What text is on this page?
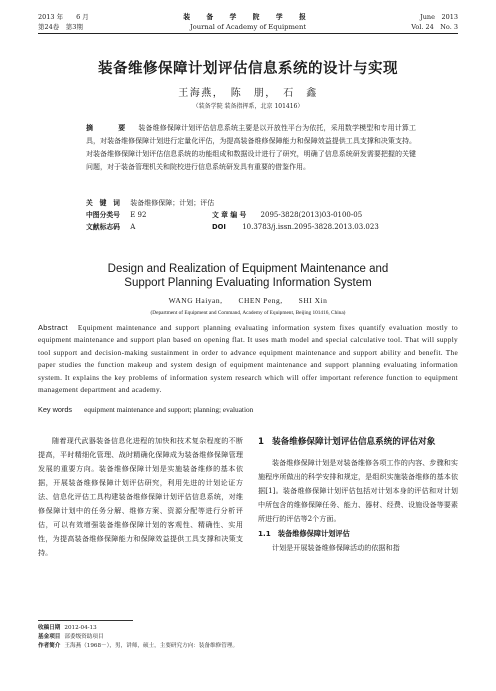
2013 年　　6 月
第24卷　第3期
装 备 学 院 学 报
Journal of Academy of Equipment
June　2013
Vol. 24　No. 3
装备维修保障计划评估信息系统的设计与实现
王海燕，　陈　朋，　石　鑫
（装备学院 装备指挥系，北京 101416）
摘　要 装备维修保障计划评估信息系统主要是以开放性平台为依托，采用数学模型和专用计算工具，对装备维修保障计划进行定量化评估，为提高装备维修保障能力和保障效益提供工具支撑和决策支持。对装备维修保障计划评估信息系统的功能组成和数据设计进行了研究，明确了信息系统研发需要把握的关键问题，对于装备管理机关和院校进行信息系统研发具有重要的借鉴作用。
关　键　词 装备维修保障；计划；评估
中图分类号 E 92	文 章 编 号 2095-3828(2013)03-0100-05
文献标志码 A	DOI 10.3783/j.issn.2095-3828.2013.03.023
Design and Realization of Equipment Maintenance and
Support Planning Evaluating Information System
WANG Haiyan,　　CHEN Peng,　　SHI Xin
(Department of Equipment and Command, Academy of Equipment, Beijing 101416, China)
Abstract Equipment maintenance and support planning evaluating information system fixes quantify evaluation mostly to equipment maintenance and support plan based on opening flat. It uses math model and special calculative tool. That will supply tool support and decision-making sustainment in order to advance equipment maintenance and support ability and benefit. The paper studies the function makeup and system design of equipment maintenance and support planning evaluating information system. It explains the key problems of information system research which will offer important reference function to equipment management department and academy.
Key words equipment maintenance and support; planning; evaluation

随着现代武器装备信息化进程的加快和技术复杂程度的不断提高，平时精细化管理、战时精确化保障成为装备维修保障管理发展的重要方向。装备维修保障计划是实施装备维修的基本依据，开展装备维修保障计划评估研究，利用先进的计划论证方法、信息化评估工具构建装备维修保障计划评估信息系统，对维修保障计划中的任务分解、维修方案、资源分配等进行分析评估，可以有效增强装备维修保障计划的客观性、精确性、实用性，为提高装备维修保障能力和保障效益提供工具支撑和决策支持。

1 装备维修保障计划评估信息系统的评估对象

装备维修保障计划是对装备维修各项工作的内容、步骤和实施程序所做出的科学安排和规定，是组织实施装备维修的基本依据[1]。装备维修保障计划评估包括对计划本身的评估和对计划中所包含的维修保障任务、能力、器材、经费、设施设备等要素所进行的评估等2个方面。

1.1　装备维修保障计划评估

计划是开展装备维修保障活动的依据和指

收稿日期 2012-04-13
基金项目 部委级资助项目
作者简介 王海燕（1968－），男，讲师，硕士，主要研究方向：装备维修管理。
